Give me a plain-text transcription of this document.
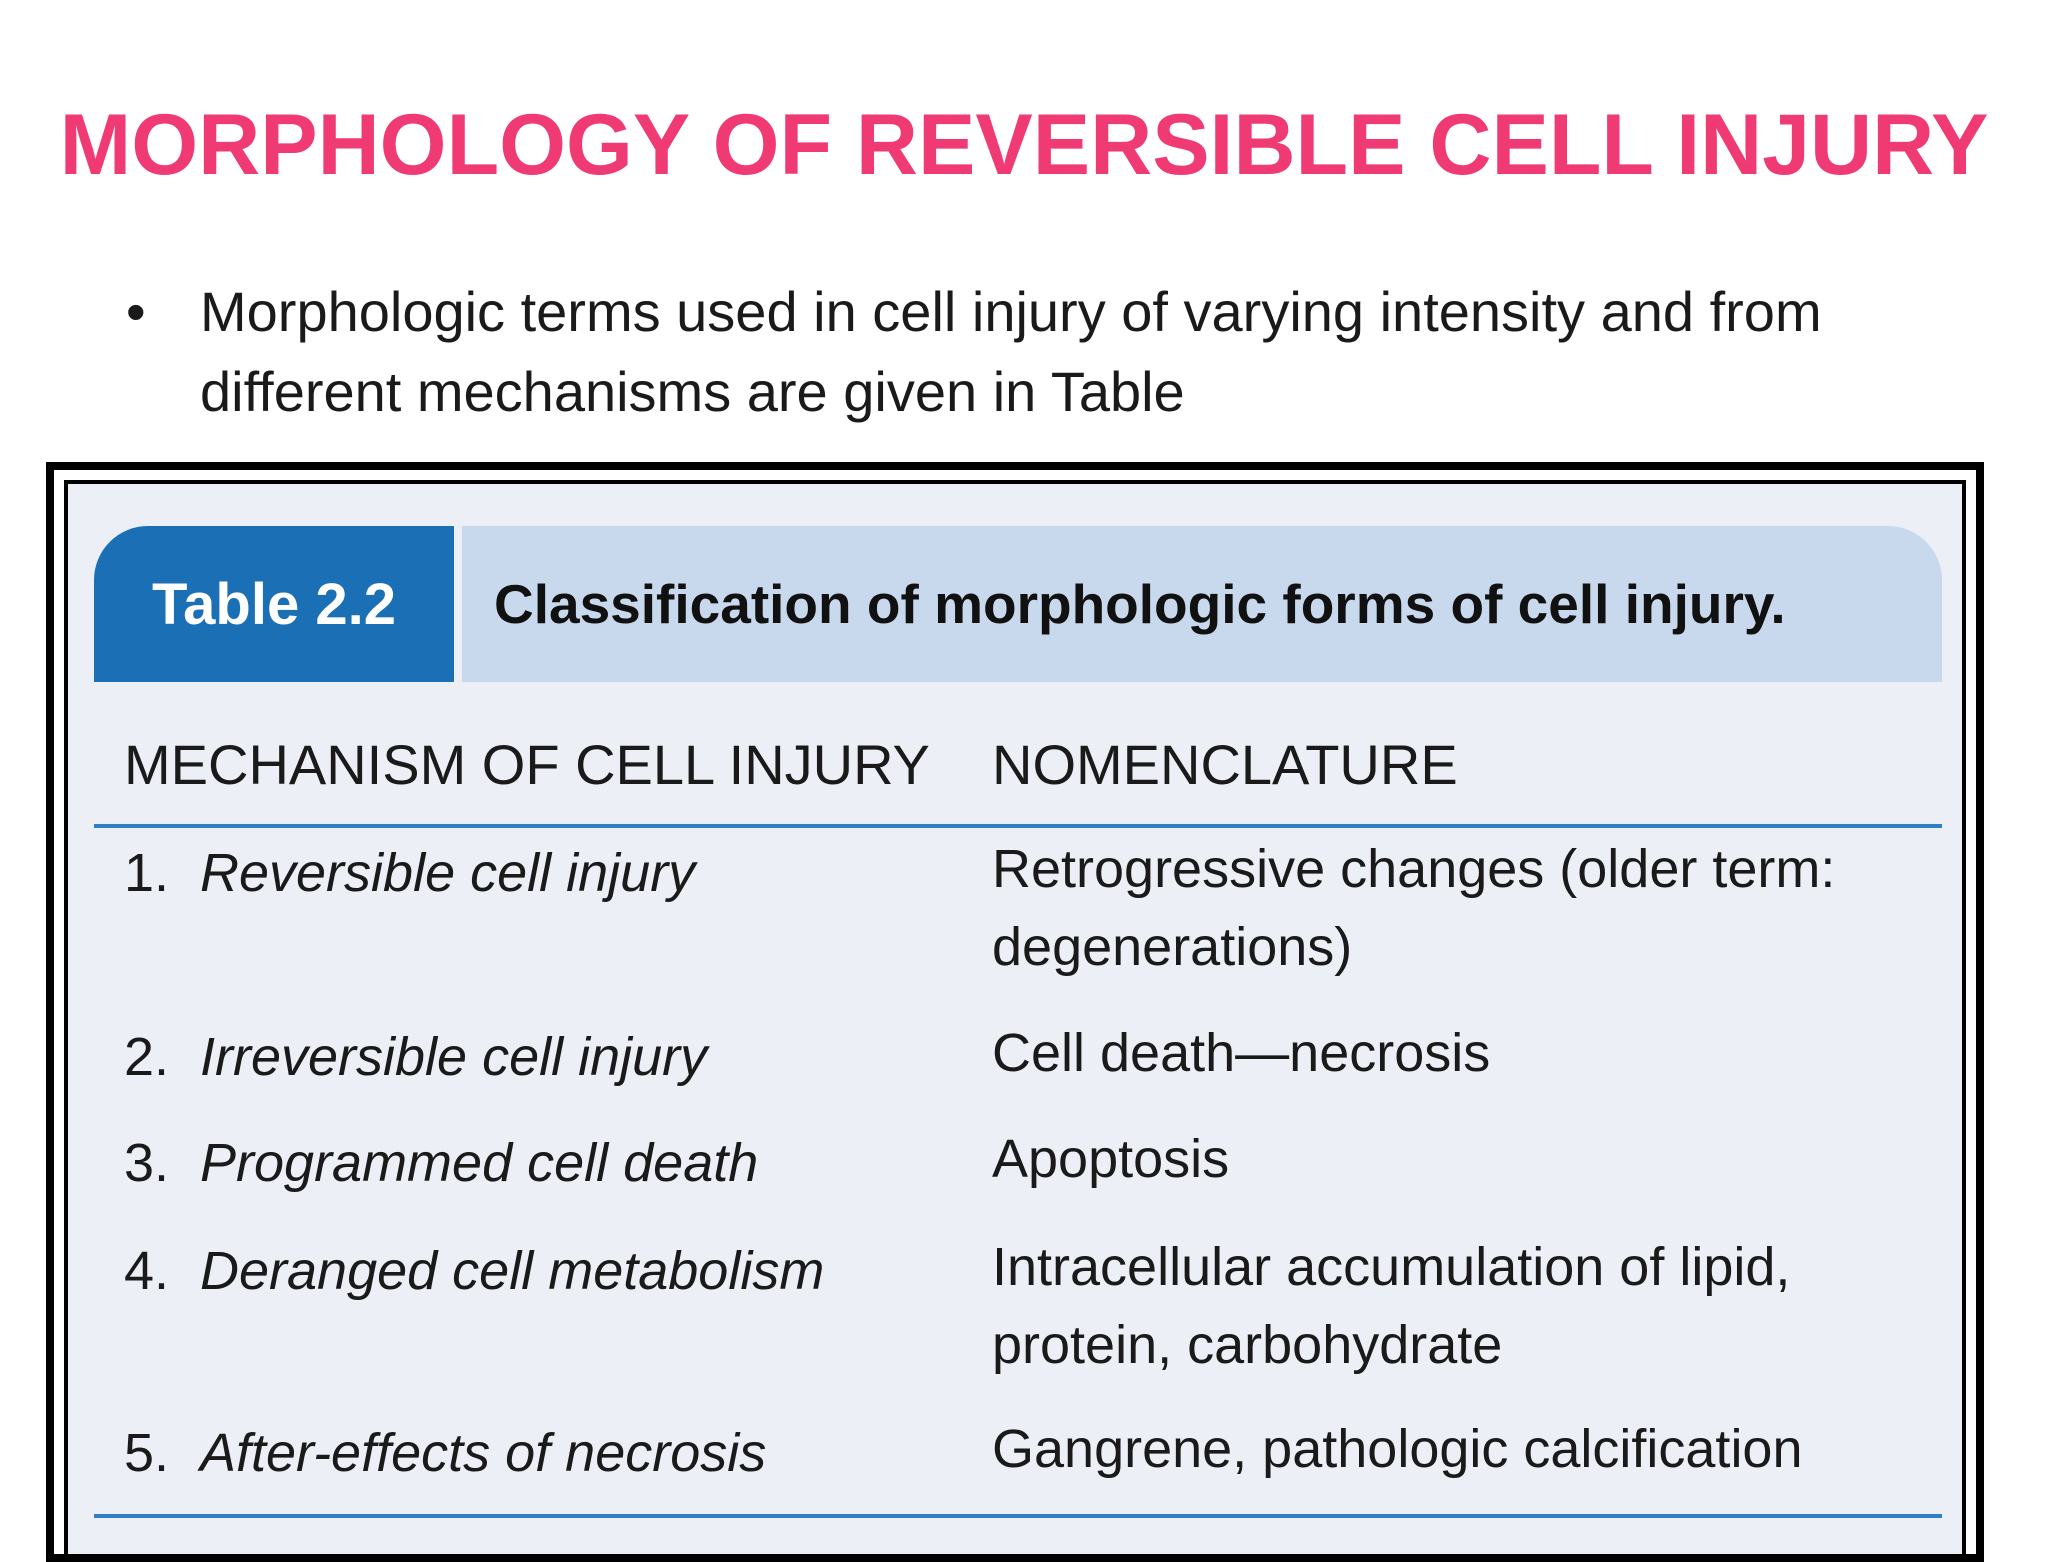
MORPHOLOGY OF REVERSIBLE CELL INJURY
• Morphologic terms used in cell injury of varying intensity and from different mechanisms are given in Table
Table 2.2	Classification of morphologic forms of cell injury.
MECHANISM OF CELL INJURY NOMENCLATURE
1. Reversible cell injury	Retrogressive changes (older term: degenerations)
2. Irreversible cell injury	Cell death—necrosis
3. Programmed cell death	Apoptosis
4. Deranged cell metabolism	Intracellular accumulation of lipid, protein, carbohydrate
5. After-effects of necrosis	Gangrene, pathologic calcification
